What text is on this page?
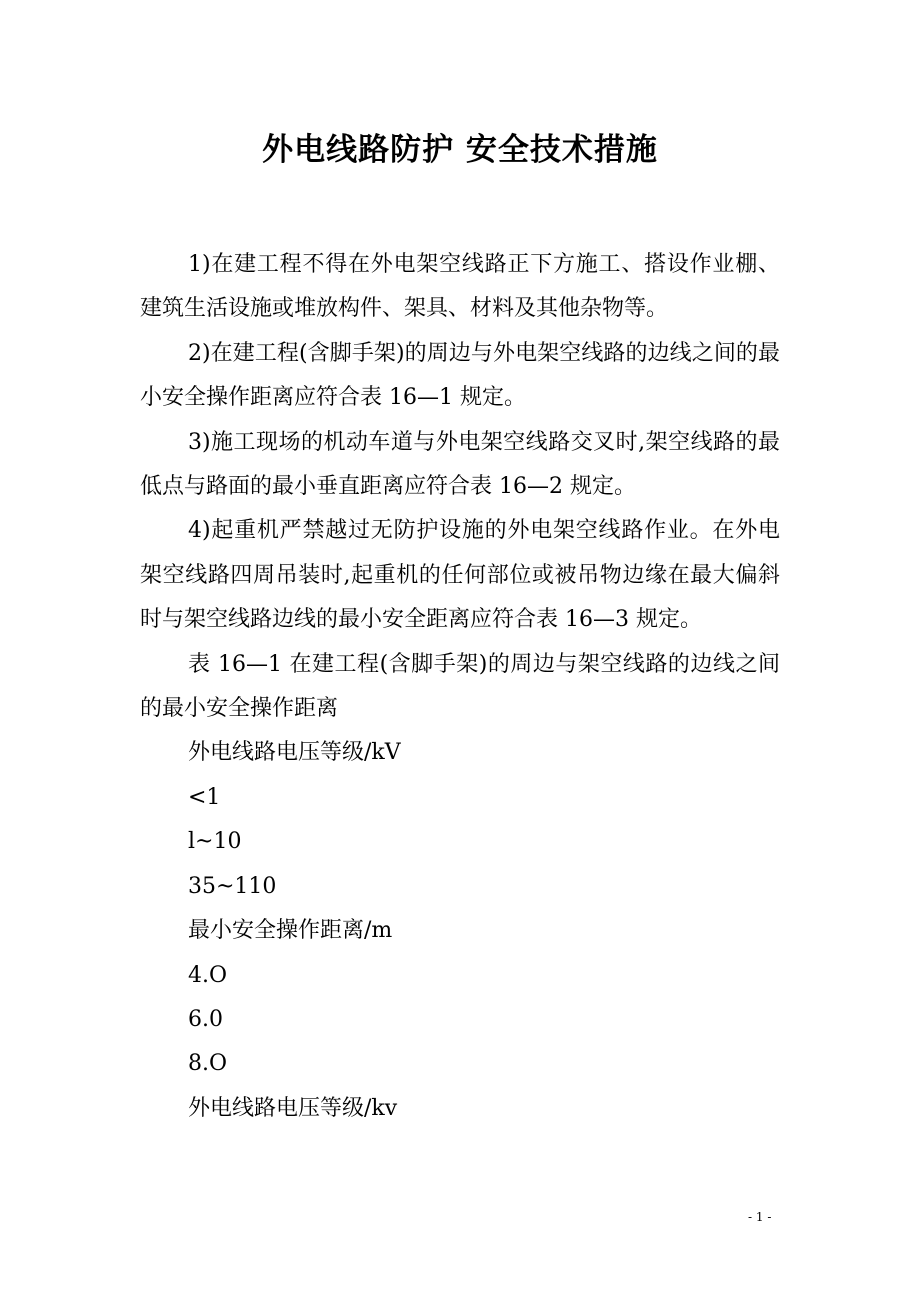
外电线路防护 安全技术措施

1)在建工程不得在外电架空线路正下方施工、搭设作业棚、建筑生活设施或堆放构件、架具、材料及其他杂物等。

2)在建工程(含脚手架)的周边与外电架空线路的边线之间的最小安全操作距离应符合表 16—1 规定。

3)施工现场的机动车道与外电架空线路交叉时,架空线路的最低点与路面的最小垂直距离应符合表 16—2 规定。

4)起重机严禁越过无防护设施的外电架空线路作业。在外电架空线路四周吊装时,起重机的任何部位或被吊物边缘在最大偏斜时与架空线路边线的最小安全距离应符合表 16—3 规定。

表 16—1 在建工程(含脚手架)的周边与架空线路的边线之间的最小安全操作距离

外电线路电压等级/kV

<1

l~10

35~110

最小安全操作距离/m

4.O

6.0

8.O

外电线路电压等级/kv

- 1 -
